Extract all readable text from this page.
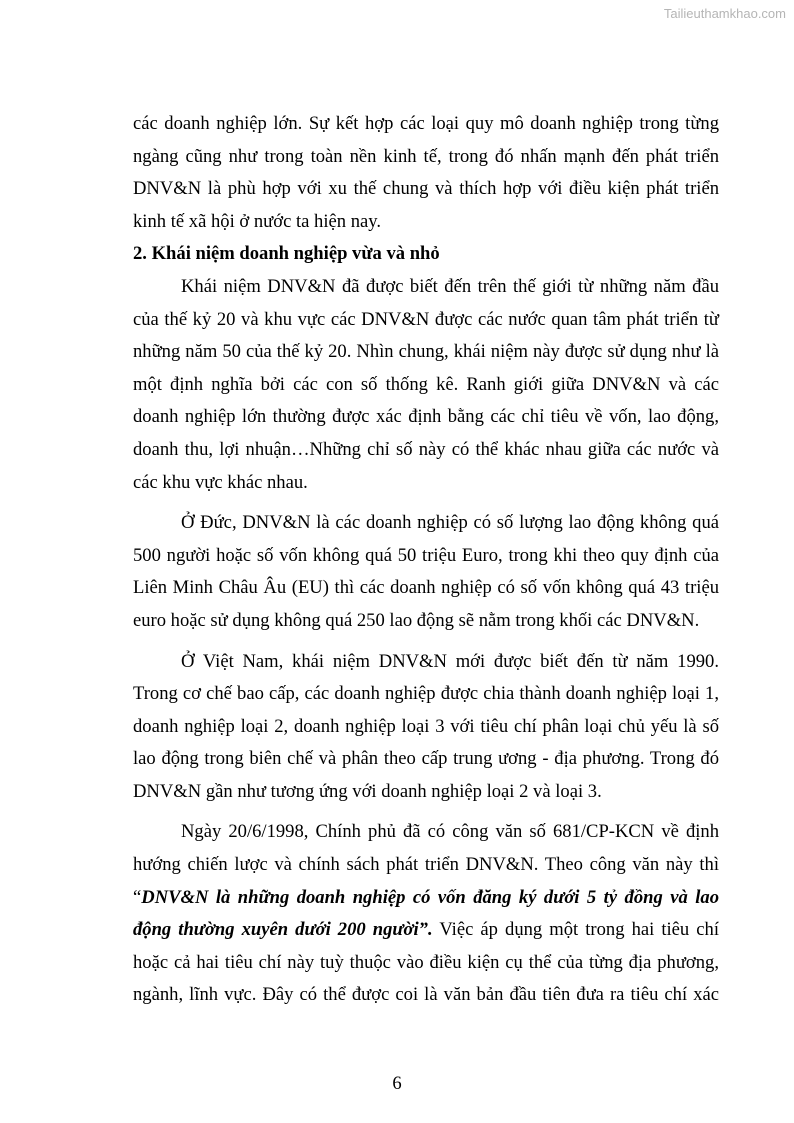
Tailieuthamkhao.com
các doanh nghiệp lớn. Sự kết hợp các loại quy mô doanh nghiệp trong từng
ngàng cũng như trong toàn nền kinh tế, trong đó nhấn mạnh đến phát triển
DNV&N là phù hợp với xu thế chung và thích hợp với điều kiện phát triển
kinh tế xã hội ở nước ta hiện nay.
2. Khái niệm doanh nghiệp vừa và nhỏ
Khái niệm DNV&N đã được biết đến trên thế giới từ những năm đầu
của thế kỷ 20 và khu vực các DNV&N được các nước quan tâm phát triển từ
những năm 50 của thế kỷ 20. Nhìn chung, khái niệm này được sử dụng như là
một định nghĩa bởi các con số thống kê. Ranh giới giữa DNV&N và các
doanh nghiệp lớn thường được xác định bằng các chỉ tiêu về vốn, lao động,
doanh thu, lợi nhuận…Những chỉ số này có thể khác nhau giữa các nước và
các khu vực khác nhau.
Ở Đức, DNV&N là các doanh nghiệp có số lượng lao động không quá
500 người hoặc số vốn không quá 50 triệu Euro, trong khi theo quy định của
Liên Minh Châu Âu (EU) thì các doanh nghiệp có số vốn không quá 43 triệu
euro hoặc sử dụng không quá 250 lao động sẽ nằm trong khối các DNV&N.
Ở Việt Nam, khái niệm DNV&N mới được biết đến từ năm 1990.
Trong cơ chế bao cấp, các doanh nghiệp được chia thành doanh nghiệp loại 1,
doanh nghiệp loại 2, doanh nghiệp loại 3 với tiêu chí phân loại chủ yếu là số
lao động trong biên chế và phân theo cấp trung ương - địa phương. Trong đó
DNV&N gần như tương ứng với doanh nghiệp loại 2 và loại 3.
Ngày 20/6/1998, Chính phủ đã có công văn số 681/CP-KCN về định
hướng chiến lược và chính sách phát triển DNV&N. Theo công văn này thì
“DNV&N là những doanh nghiệp có vốn đăng ký dưới 5 tỷ đồng và lao
động thường xuyên dưới 200 người”. Việc áp dụng một trong hai tiêu chí
hoặc cả hai tiêu chí này tuỳ thuộc vào điều kiện cụ thể của từng địa phương,
ngành, lĩnh vực. Đây có thể được coi là văn bản đầu tiên đưa ra tiêu chí xác
6
